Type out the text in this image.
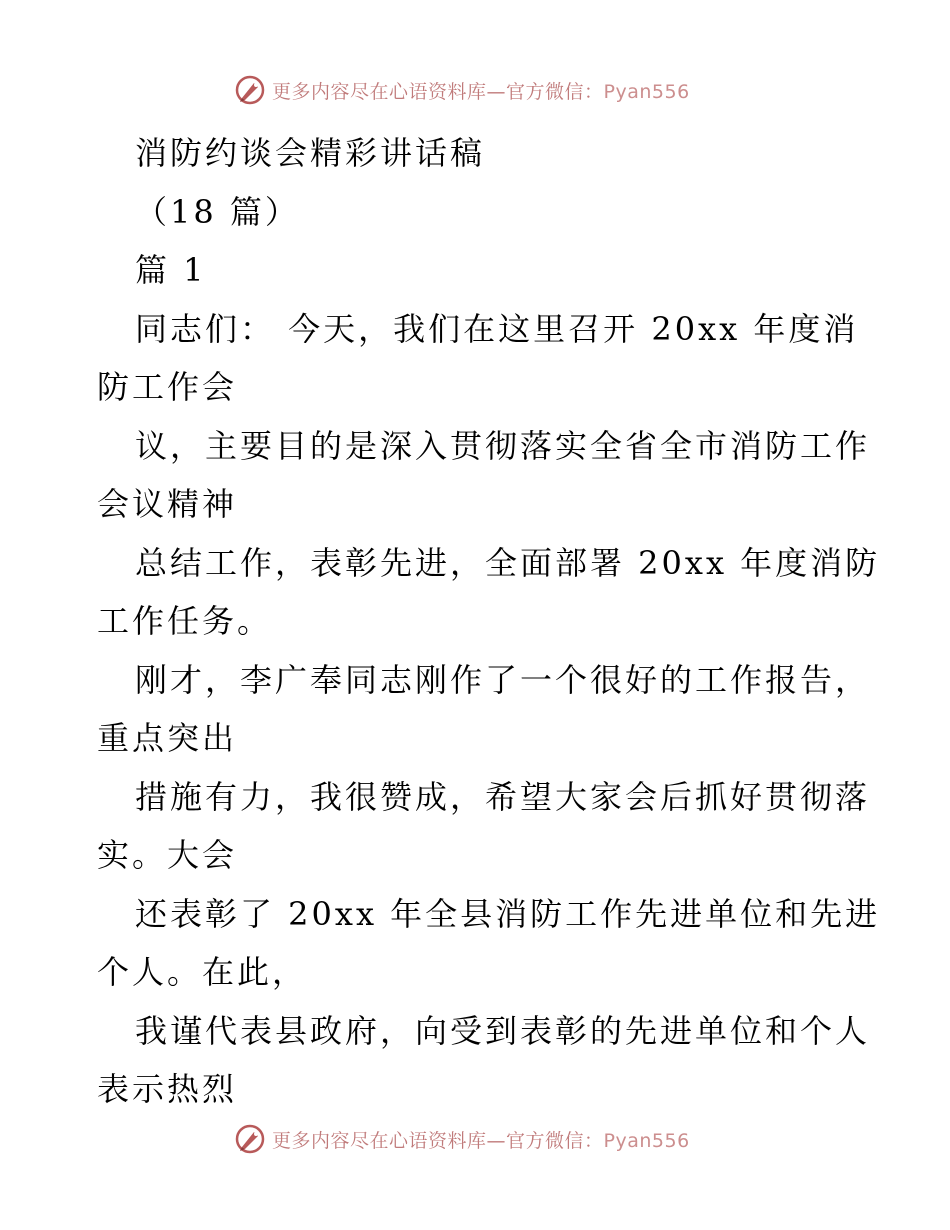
更多内容尽在心语资料库—官方微信：Pyan556
消防约谈会精彩讲话稿
（18 篇）
篇 1
同志们： 今天，我们在这里召开 20xx 年度消
防工作会
议，主要目的是深入贯彻落实全省全市消防工作
会议精神
总结工作，表彰先进，全面部署 20xx 年度消防
工作任务。
刚才，李广奉同志刚作了一个很好的工作报告，
重点突出
措施有力，我很赞成，希望大家会后抓好贯彻落
实。大会
还表彰了 20xx 年全县消防工作先进单位和先进
个人。在此，
我谨代表县政府，向受到表彰的先进单位和个人
表示热烈
更多内容尽在心语资料库—官方微信：Pyan556
